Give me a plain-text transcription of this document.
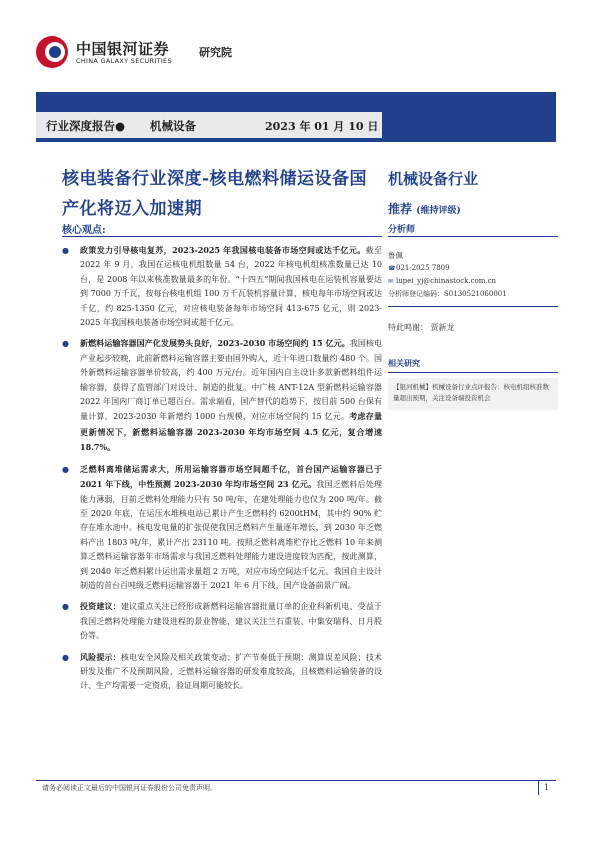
中国银河证券
CHINA GALAXY SECURITIES
研究院
行业深度报告● 机械设备	2023 年 01 月 10 日
核电装备行业深度-核电燃料储运设备国产化将迈入加速期
核心观点:
● 政策发力引导核电复苏，2023-2025 年我国核电装备市场空间或达千亿元。截至 2022 年 9 月，我国在运核电机组数量 54 台，2022 年核电机组核准数量已达 10 台，是 2008 年以来核准数量最多的年份。“十四五”期间我国核电在运装机容量要达到 7000 万千瓦，按每台核电机组 100 万千瓦装机容量计算，核电每年市场空间或达千亿，约 825-1350 亿元，对应核电装备每年市场空间 413-675 亿元，则 2023-2025 年我国核电装备市场空间或超千亿元。
● 新燃料运输容器国产化发展势头良好，2023-2030 市场空间约 15 亿元。我国核电产业起步较晚，此前新燃料运输容器主要由国外购入，近十年进口数量约 480 个。国外新燃料运输容器单价较高，约 400 万元/台。近年国内自主设计多款新燃料组件运输容器，获得了监管部门对设计、制造的批复。中广核 ANT-12A 型新燃料运输容器 2022 年国内厂商订单已超百台。需求端看，国产替代的趋势下，按目前 500 台保有量计算，2023-2030 年新增约 1000 台规模，对应市场空间约 15 亿元。考虑存量更新情况下，新燃料运输容器 2023-2030 年均市场空间 4.5 亿元，复合增速 18.7%。
● 乏燃料离堆储运需求大，所用运输容器市场空间超千亿，首台国产运输容器已于 2021 年下线，中性预测 2023-2030 年均市场空间 23 亿元。我国乏燃料后处理能力薄弱，目前乏燃料处理能力只有 50 吨/年，在建处理能力也仅为 200 吨/年。截至 2020 年底，在运压水堆核电站已累计产生乏燃料约 6200tHM，其中约 90% 贮存在堆水池中。核电发电量的扩张促使我国乏燃料产生量逐年增长，到 2030 年乏燃料产出 1803 吨/年，累计产出 23110 吨。按照乏燃料离堆贮存比乏燃料 10 年来测算乏燃料运输容器年市场需求与我国乏燃料处理能力建设进度较为匹配，按此测算，到 2040 年乏燃料累计运出需求量超 2 万吨，对应市场空间达千亿元。我国自主设计制造的首台百吨级乏燃料运输容器于 2021 年 6 月下线，国产设备前景广阔。
● 投资建议：建议重点关注已经形成新燃料运输容器批量订单的企业科新机电、受益于我国乏燃料处理能力建设进程的景业智能，建议关注兰石重装、中集安瑞科、日月股份等。
● 风险提示：核电安全风险及相关政策变动；扩产节奏低于预期；测算误差风险；技术研发及推广不及预期风险，乏燃料运输容器的研发难度较高，且核燃料运输装备的设计、生产均需要一定资质，验证周期可能较长。
机械设备行业
推荐 (维持评级)
分析师
鲁佩
☎021-2025 7809
✉ lupei_yj@chinastock.com.cn
分析师登记编码：S0130521060001
特此鸣谢： 贾新龙
相关研究
【银河机械】机械设备行业点评报告：核电机组核准数量超出预期，关注设备端投资机会
请务必阅读正文最后的中国银河证券股份公司免责声明。	1
